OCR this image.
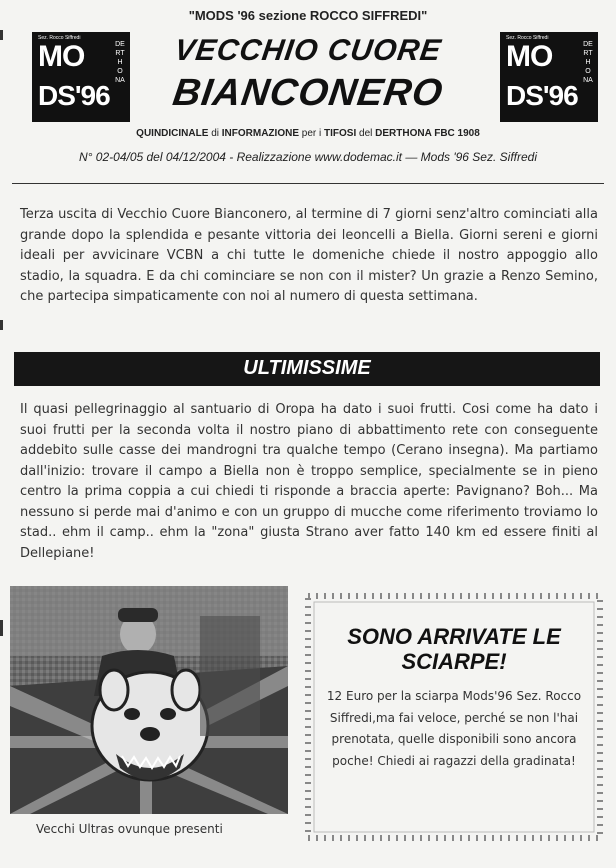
"MODS '96 sezione ROCCO SIFFREDI"
Sez. Rocco Siffredi
MO
DS'96
DERTHONA
Sez. Rocco Siffredi
MO
DS'96
DERTHONA
VECCHIO CUORE
BIANCONERO
QUINDICINALE di INFORMAZIONE per i TIFOSI del DERTHONA FBC 1908
N° 02-04/05 del 04/12/2004 - Realizzazione www.dodemac.it — Mods '96 Sez. Siffredi
Terza uscita di Vecchio Cuore Bianconero, al termine di 7 giorni senz'altro cominciati alla grande dopo la splendida e pesante vittoria dei leoncelli a Biella. Giorni sereni e giorni ideali per avvicinare VCBN a chi tutte le domeniche chiede il nostro appoggio allo stadio, la squadra. E da chi cominciare se non con il mister? Un grazie a Renzo Semino, che partecipa simpaticamente con noi al numero di questa settimana.
ULTIMISSIME
Il quasi pellegrinaggio al santuario di Oropa ha dato i suoi frutti. Cosi come ha dato i suoi frutti per la seconda volta il nostro piano di abbattimento rete con conseguente addebito sulle casse dei mandrogni tra qualche tempo (Cerano insegna). Ma partiamo dall'inizio: trovare il campo a Biella non è troppo semplice, specialmente se in pieno centro la prima coppia a cui chiedi ti risponde a braccia aperte: Pavignano? Boh... Ma nessuno si perde mai d'animo e con un gruppo di mucche come riferimento troviamo lo stad.. ehm il camp.. ehm la "zona" giusta Strano aver fatto 140 km ed essere finiti al Dellepiane!
Vecchi Ultras ovunque presenti
SONO ARRIVATE LE SCIARPE!
12 Euro per la sciarpa Mods'96 Sez. Rocco Siffredi,ma fai veloce, perché se non l'hai prenotata, quelle disponibili sono ancora poche! Chiedi ai ragazzi della gradinata!
